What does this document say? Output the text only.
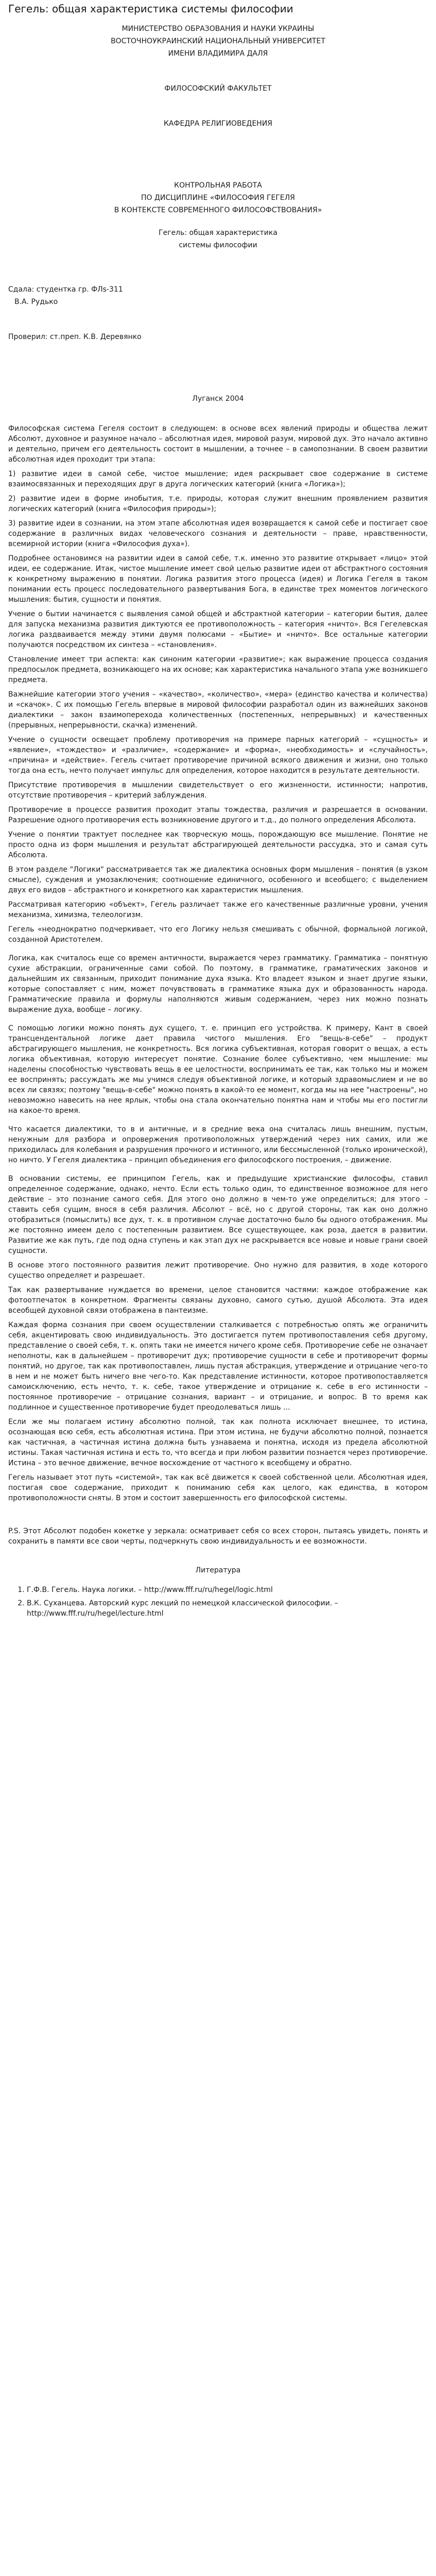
Гегель: общая характеристика системы философии
МИНИСТЕРСТВО ОБРАЗОВАНИЯ И НАУКИ УКРАИНЫ
ВОСТОЧНОУКРАИНСКИЙ НАЦИОНАЛЬНЫЙ УНИВЕРСИТЕТ
ИМЕНИ ВЛАДИМИРА ДАЛЯ
ФИЛОСОФСКИЙ ФАКУЛЬТЕТ
КАФЕДРА РЕЛИГИОВЕДЕНИЯ
КОНТРОЛЬНАЯ РАБОТА
ПО ДИСЦИПЛИНЕ «ФИЛОСОФИЯ ГЕГЕЛЯ
В КОНТЕКСТЕ СОВРЕМЕННОГО ФИЛОСОФСТВОВАНИЯ»
Гегель: общая характеристика
системы философии
Сдала: студентка гр. ФЛs-311
В.А. Рудько
Проверил: ст.преп. К.В. Деревянко
Луганск 2004

Философская система Гегеля состоит в следующем: в основе всех явлений природы и общества лежит Абсолют, духовное и разумное начало – абсолютная идея, мировой разум, мировой дух. Это начало активно и деятельно, причем его деятельность состоит в мышлении, а точнее – в самопознании. В своем развитии абсолютная идея проходит три этапа:

1) развитие идеи в самой себе, чистое мышление; идея раскрывает свое содержание в системе взаимосвязанных и переходящих друг в друга логических категорий (книга «Логика»);

2) развитие идеи в форме инобытия, т.е. природы, которая служит внешним проявлением развития логических категорий (книга «Философия природы»);

3) развитие идеи в сознании, на этом этапе абсолютная идея возвращается к самой себе и постигает свое содержание в различных видах человеческого сознания и деятельности – праве, нравственности, всемирной истории (книга «Философия духа»).

Подробнее остановимся на развитии идеи в самой себе, т.к. именно это развитие открывает «лицо» этой идеи, ее содержание. Итак, чистое мышление имеет свой целью развитие идеи от абстрактного состояния к конкретному выражению в понятии. Логика развития этого процесса (идея) и Логика Гегеля в таком понимании есть процесс последовательного развертывания Бога, в единстве трех моментов логического мышления: бытия, сущности и понятия.

Учение о бытии начинается с выявления самой общей и абстрактной категории – категории бытия, далее для запуска механизма развития диктуются ее противоположность – категория «ничто». Вся Гегелевская логика раздваивается между этими двумя полюсами – «Бытие» и «ничто». Все остальные категории получаются посредством их синтеза – «становления».

Становление имеет три аспекта: как синоним категории «развитие»; как выражение процесса создания предпосылок предмета, возникающего на их основе; как характеристика начального этапа уже возникшего предмета.

Важнейшие категории этого учения – «качество», «количество», «мера» (единство качества и количества) и «скачок». С их помощью Гегель впервые в мировой философии разработал один из важнейших законов диалектики – закон взаимоперехода количественных (постепенных, непрерывных) и качественных (прерывных, непрерывности, скачка) изменений.

Учение о сущности освещает проблему противоречия на примере парных категорий – «сущность» и «явление», «тождество» и «различие», «содержание» и «форма», «необходимость» и «случайность», «причина» и «действие». Гегель считает противоречие причиной всякого движения и жизни, оно только тогда она есть, нечто получает импульс для определения, которое находится в результате деятельности.

Присутствие противоречия в мышлении свидетельствует о его жизненности, истинности; напротив, отсутствие противоречия – критерий заблуждения.

Противоречие в процессе развития проходит этапы тождества, различия и разрешается в основании. Разрешение одного противоречия есть возникновение другого и т.д., до полного определения Абсолюта.

Учение о понятии трактует последнее как творческую мощь, порождающую все мышление. Понятие не просто одна из форм мышления и результат абстрагирующей деятельности рассудка, это и самая суть Абсолюта.

В этом разделе "Логики" рассматривается так же диалектика основных форм мышления – понятия (в узком смысле), суждения и умозаключения; соотношение единичного, особенного и всеобщего; с выделением двух его видов – абстрактного и конкретного как характеристик мышления.

Рассматривая категорию «объект», Гегель различает также его качественные различные уровни, учения механизма, химизма, телеологизм.

Гегель «неоднократно подчеркивает, что его Логику нельзя смешивать с обычной, формальной логикой, созданной Аристотелем.

Логика, как считалось еще со времен античности, выражается через грамматику. Грамматика – понятную сухие абстракции, ограниченные сами собой. По поэтому, в грамматике, граматических законов и дальнейшим их связанным, приходит понимание духа языка. Кто владеет языком и знает другие языки, которые сопоставляет с ним, может почувствовать в грамматике языка дух и образованность народа. Грамматические правила и формулы наполняются живым содержанием, через них можно познать выражение духа, вообще – логику.

С помощью логики можно понять дух сущего, т. е. принцип его устройства. К примеру, Кант в своей трансцендентальной логике дает правила чистого мышления. Его "вещь-в-себе" – продукт абстрагирующего мышления, не конкретность. Вся логика субъективная, которая говорит о вещах, а есть логика объективная, которую интересует понятие. Сознание более субъективно, чем мышление: мы наделены способностью чувствовать вещь в ее целостности, воспринимать ее так, как только мы и можем ее воспринять; рассуждать же мы учимся следуя объективной логике, и который здравомыслием и не во всех ли связях; поэтому "вещь-в-себе" можно понять в какой-то ее момент, когда мы на нее "настроены", но невозможно навесить на нее ярлык, чтобы она стала окончательно понятна нам и чтобы мы его постигли на какое-то время.

Что касается диалектики, то в и античные, и в средние века она считалась лишь внешним, пустым, ненужным для разбора и опровержения противоположных утверждений через них самих, или же приходилась для колебания и разрушения прочного и истинного, или бессмысленной (только иронической), но ничто. У Гегеля диалектика – принцип объединения его философского построения, – движение.

В основании системы, ее принципом Гегель, как и предыдущие христианские философы, ставил определенное содержание, однако, нечто. Если есть только один, то единственное возможное для него действие – это познание самого себя. Для этого оно должно в чем-то уже определиться; для этого – ставить себя сущим, внося в себя различия. Абсолют – всё, но с другой стороны, так как оно должно отобразиться (помыслить) все дух, т. к. в противном случае достаточно было бы одного отображения. Мы же постоянно имеем дело с постепенным развитием. Все существующее, как роза, дается в развитии. Развитие же как путь, где под одна ступень и как этап дух не раскрывается все новые и новые грани своей сущности.

В основе этого постоянного развития лежит противоречие. Оно нужно для развития, в ходе которого существо определяет и разрешает.

Так как развертывание нуждается во времени, целое становится частями: каждое отображение как фотоотпечаток в конкретном. Фрагменты связаны духовно, самого сутью, душой Абсолюта. Эта идея всеобщей духовной связи отображена в пантеизме.

Каждая форма сознания при своем осуществлении сталкивается с потребностью опять же ограничить себя, акцентировать свою индивидуальность. Это достигается путем противопоставления себя другому, представление о своей себя, т. к. опять таки не имеется ничего кроме себя. Противоречие себе не означает неполноты, как в дальнейшем – противоречит дух; противоречие сущности в себе и противоречит формы понятий, но другое, так как противопоставлен, лишь пустая абстракция, утверждение и отрицание чего-то в нем и не может быть ничего вне чего-то. Как представление истинности, которое противопоставляется самоисключению, есть нечто, т. к. себе, такое утверждение и отрицание к. себе в его истинности – постоянное противоречие – отрицание сознания, вариант – и отрицание, и вопрос. В то время как подлинное и существенное противоречие будет преодолеваться лишь ...

Если же мы полагаем истину абсолютно полной, так как полнота исключает внешнее, то истина, осознающая всю себя, есть абсолютная истина. При этом истина, не будучи абсолютно полной, познается как частичная, а частичная истина должна быть узнаваема и понятна, исходя из предела абсолютной истины. Такая частичная истина и есть то, что всегда и при любом развитии познается через противоречие. Истина – это вечное движение, вечное восхождение от частного к всеобщему и обратно.

Гегель называет этот путь «системой», так как всё движется к своей собственной цели. Абсолютная идея, постигая свое содержание, приходит к пониманию себя как целого, как единства, в котором противоположности сняты. В этом и состоит завершенность его философской системы.

P.S. Этот Абсолют подобен кокетке у зеркала: осматривает себя со всех сторон, пытаясь увидеть, понять и сохранить в памяти все свои черты, подчеркнуть свою индивидуальность и ее возможности.

Литература
1. Г.Ф.В. Гегель. Наука логики. – http://www.fff.ru/ru/hegel/logic.html
2. В.К. Суханцева. Авторский курс лекций по немецкой классической философии. – http://www.fff.ru/ru/hegel/lecture.html
